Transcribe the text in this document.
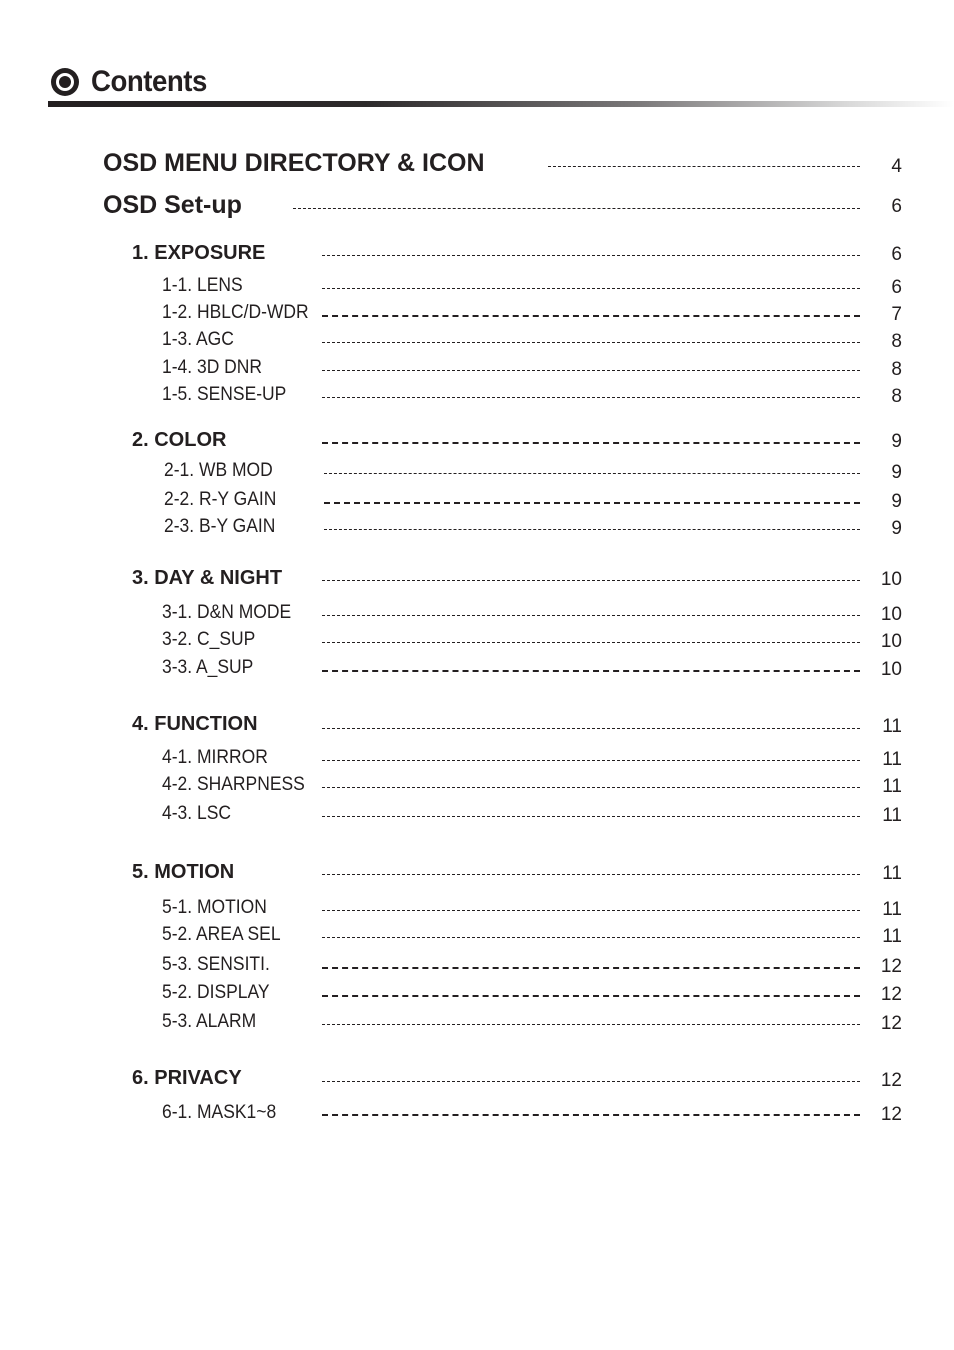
Contents
OSD MENU DIRECTORY & ICON	4
OSD Set-up	6
1. EXPOSURE	6
1-1. LENS	6
1-2. HBLC/D-WDR	7
1-3. AGC	8
1-4. 3D DNR	8
1-5. SENSE-UP	8
2. COLOR	9
2-1. WB MOD	9
2-2. R-Y GAIN	9
2-3. B-Y GAIN	9
3. DAY & NIGHT	10
3-1. D&N MODE	10
3-2. C_SUP	10
3-3. A_SUP	10
4. FUNCTION	11
4-1. MIRROR	11
4-2. SHARPNESS	11
4-3. LSC	11
5. MOTION	11
5-1. MOTION	11
5-2. AREA SEL	11
5-3. SENSITI.	12
5-2. DISPLAY	12
5-3. ALARM	12
6. PRIVACY	12
6-1. MASK1~8	12
